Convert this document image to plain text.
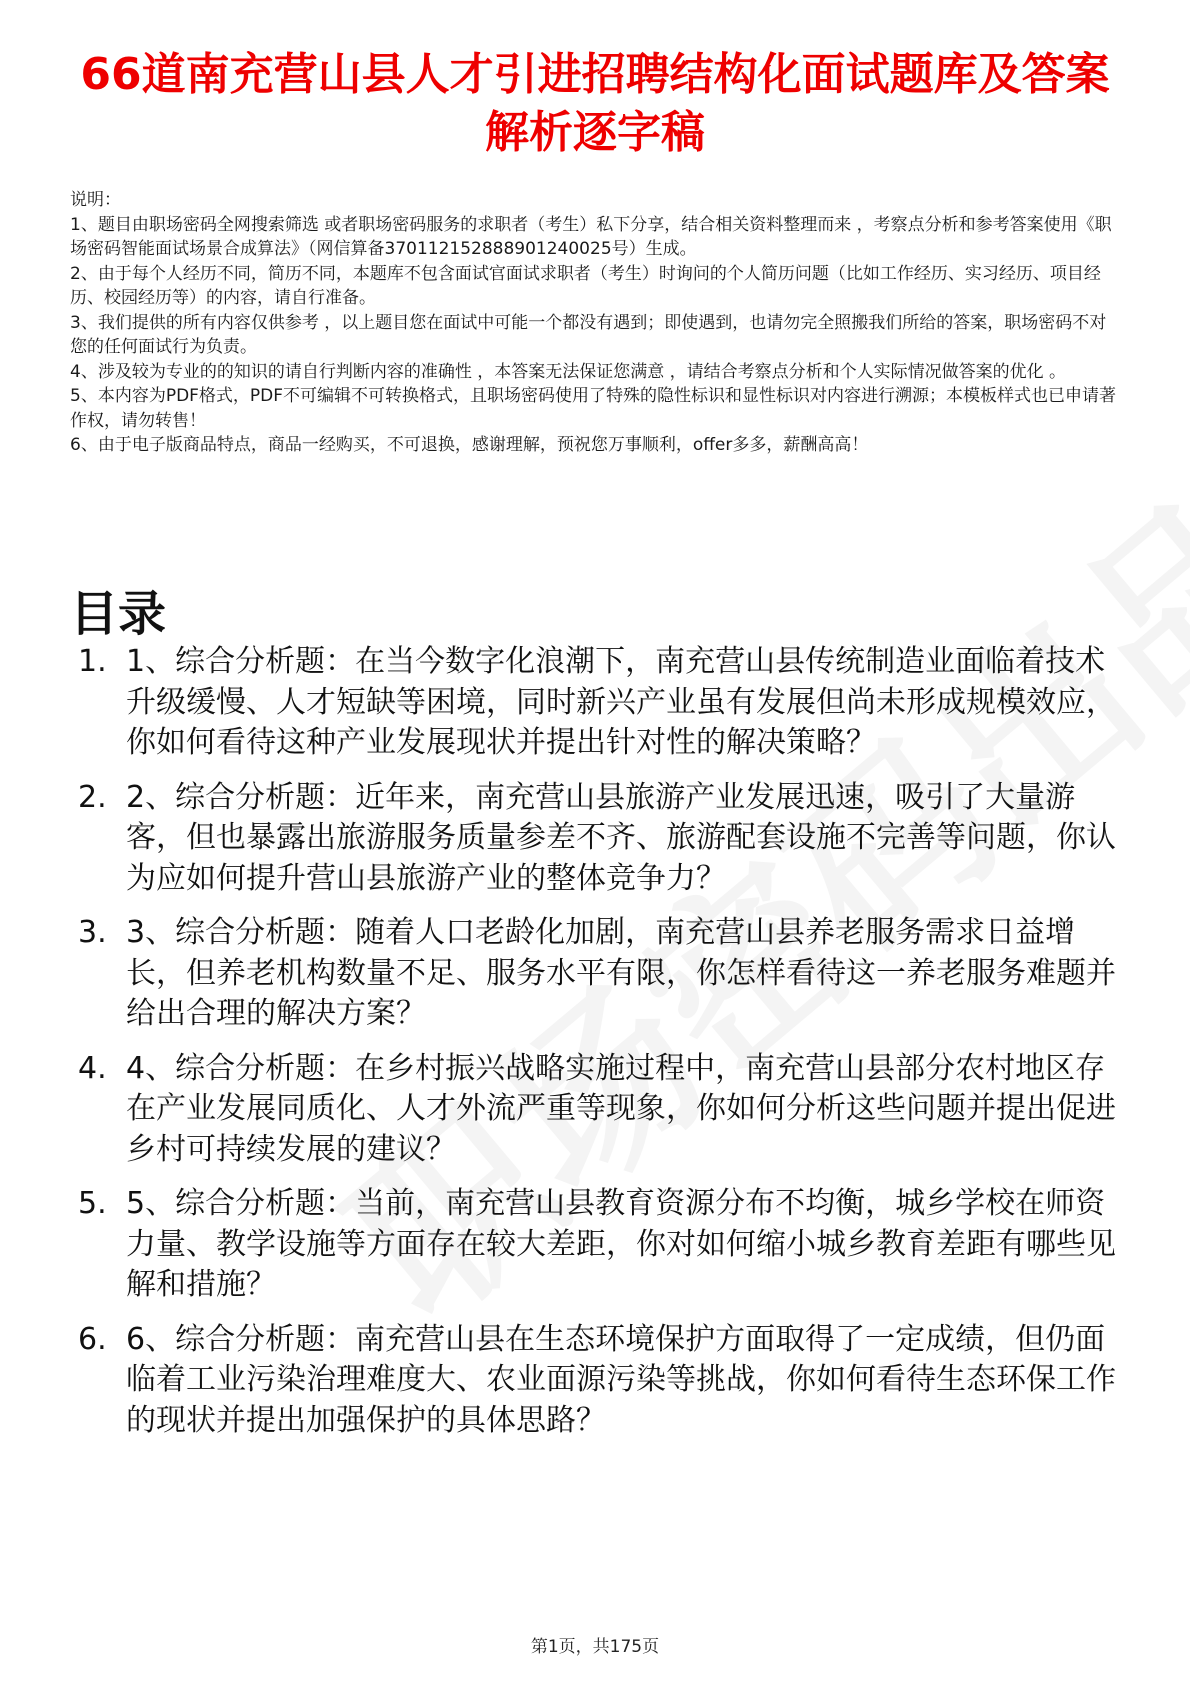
66道南充营山县人才引进招聘结构化面试题库及答案解析逐字稿

说明：

1、题目由职场密码全网搜索筛选 或者职场密码服务的求职者（考生）私下分享，结合相关资料整理而来 ，考察点分析和参考答案使用《职场密码智能面试场景合成算法》（网信算备370112152888901240025号）生成。

2、由于每个人经历不同，简历不同，本题库不包含面试官面试求职者（考生）时询问的个人简历问题（比如工作经历、实习经历、项目经历、校园经历等）的内容，请自行准备。

3、我们提供的所有内容仅供参考 ，以上题目您在面试中可能一个都没有遇到；即使遇到，也请勿完全照搬我们所给的答案，职场密码不对您的任何面试行为负责。

4、涉及较为专业的的知识的请自行判断内容的准确性 ，本答案无法保证您满意 ，请结合考察点分析和个人实际情况做答案的优化 。

5、本内容为PDF格式，PDF不可编辑不可转换格式，且职场密码使用了特殊的隐性标识和显性标识对内容进行溯源；本模板样式也已申请著作权，请勿转售！

6、由于电子版商品特点，商品一经购买，不可退换，感谢理解，预祝您万事顺利，offer多多，薪酬高高！

目录
1. 1、综合分析题：在当今数字化浪潮下，南充营山县传统制造业面临着技术升级缓慢、人才短缺等困境，同时新兴产业虽有发展但尚未形成规模效应，你如何看待这种产业发展现状并提出针对性的解决策略？
2. 2、综合分析题：近年来，南充营山县旅游产业发展迅速，吸引了大量游客，但也暴露出旅游服务质量参差不齐、旅游配套设施不完善等问题，你认为应如何提升营山县旅游产业的整体竞争力？
3. 3、综合分析题：随着人口老龄化加剧，南充营山县养老服务需求日益增长，但养老机构数量不足、服务水平有限，你怎样看待这一养老服务难题并给出合理的解决方案？
4. 4、综合分析题：在乡村振兴战略实施过程中，南充营山县部分农村地区存在产业发展同质化、人才外流严重等现象，你如何分析这些问题并提出促进乡村可持续发展的建议？
5. 5、综合分析题：当前，南充营山县教育资源分布不均衡，城乡学校在师资力量、教学设施等方面存在较大差距，你对如何缩小城乡教育差距有哪些见解和措施？
6. 6、综合分析题：南充营山县在生态环境保护方面取得了一定成绩，但仍面临着工业污染治理难度大、农业面源污染等挑战，你如何看待生态环保工作的现状并提出加强保护的具体思路？
第1页，共175页
